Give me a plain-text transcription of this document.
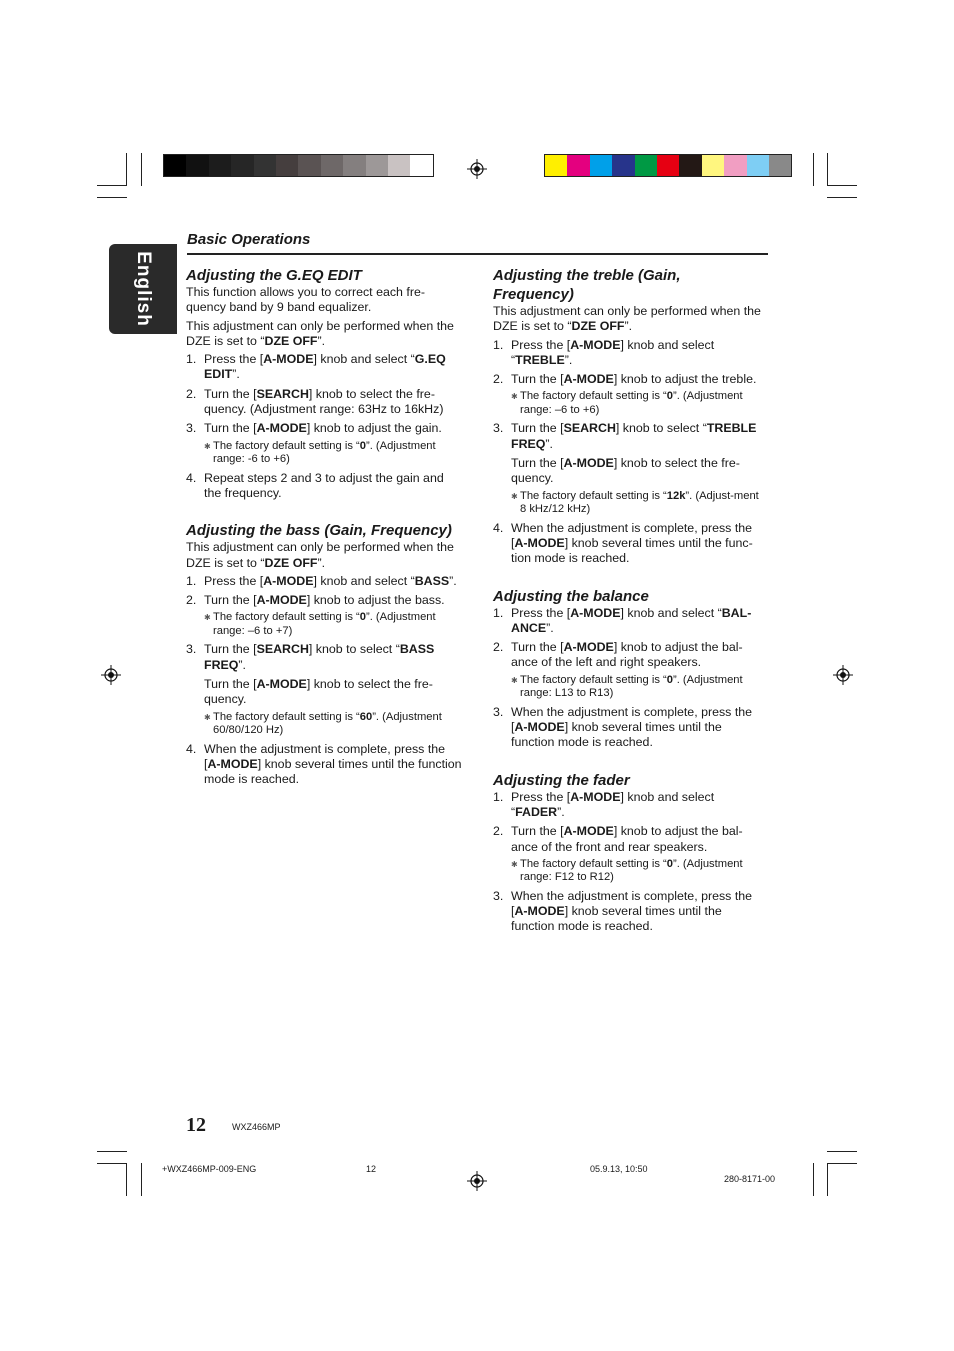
English
Basic Operations
Adjusting the G.EQ EDIT

This function allows you to correct each fre-quency band by 9 band equalizer.

This adjustment can only be performed when the DZE is set to “DZE OFF”.

1. Press the [A-MODE] knob and select “G.EQ EDIT”.
2. Turn the [SEARCH] knob to select the fre-quency. (Adjustment range: 63Hz to 16kHz)
3. Turn the [A-MODE] knob to adjust the gain.
✱ The factory default setting is “0”. (Adjustment range: -6 to +6)
4. Repeat steps 2 and 3 to adjust the gain and the frequency.
Adjusting the bass (Gain, Frequency)

This adjustment can only be performed when the DZE is set to “DZE OFF”.

1. Press the [A-MODE] knob and select “BASS”.
2. Turn the [A-MODE] knob to adjust the bass.
✱ The factory default setting is “0”. (Adjustment range: –6 to +7)
3. Turn the [SEARCH] knob to select “BASS FREQ”.
Turn the [A-MODE] knob to select the fre-quency.
✱ The factory default setting is “60”. (Adjustment 60/80/120 Hz)
4. When the adjustment is complete, press the [A-MODE] knob several times until the function mode is reached.
Adjusting the treble (Gain, Frequency)

This adjustment can only be performed when the DZE is set to “DZE OFF”.

1. Press the [A-MODE] knob and select “TREBLE”.
2. Turn the [A-MODE] knob to adjust the treble.
✱ The factory default setting is “0”. (Adjustment range: –6 to +6)
3. Turn the [SEARCH] knob to select “TREBLE FREQ”.
Turn the [A-MODE] knob to select the fre-quency.
✱ The factory default setting is “12k”. (Adjust-ment 8 kHz/12 kHz)
4. When the adjustment is complete, press the [A-MODE] knob several times until the func-tion mode is reached.
Adjusting the balance
1. Press the [A-MODE] knob and select “BAL-ANCE”.
2. Turn the [A-MODE] knob to adjust the bal-ance of the left and right speakers.
✱ The factory default setting is “0”. (Adjustment range: L13 to R13)
3. When the adjustment is complete, press the [A-MODE] knob several times until the function mode is reached.
Adjusting the fader
1. Press the [A-MODE] knob and select “FADER”.
2. Turn the [A-MODE] knob to adjust the bal-ance of the front and rear speakers.
✱ The factory default setting is “0”. (Adjustment range: F12 to R12)
3. When the adjustment is complete, press the [A-MODE] knob several times until the function mode is reached.
12	WXZ466MP
+WXZ466MP-009-ENG	12	05.9.13, 10:50
280-8171-00
